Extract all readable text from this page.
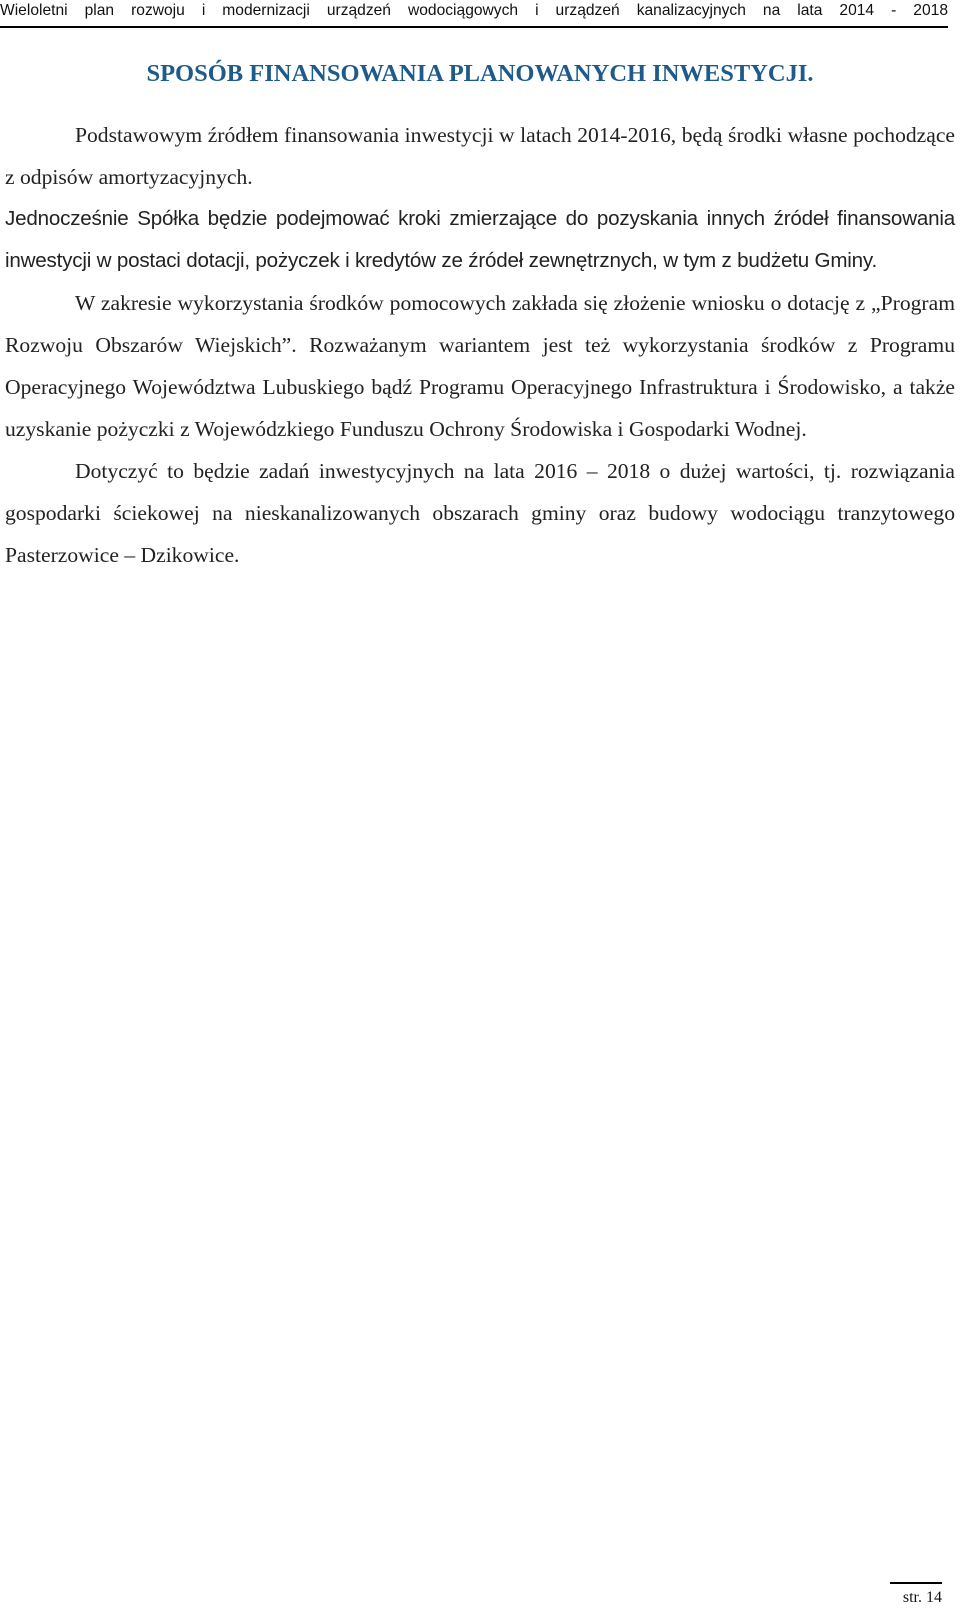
Wieloletni plan rozwoju i modernizacji urządzeń wodociągowych i urządzeń kanalizacyjnych na lata 2014 - 2018
SPOSÓB FINANSOWANIA PLANOWANYCH INWESTYCJI.

Podstawowym źródłem finansowania inwestycji w latach 2014-2016, będą środki własne pochodzące z odpisów amortyzacyjnych.

Jednocześnie Spółka będzie podejmować kroki zmierzające do pozyskania innych źródeł finansowania inwestycji w postaci dotacji, pożyczek i kredytów ze źródeł zewnętrznych, w tym z budżetu Gminy.

W zakresie wykorzystania środków pomocowych zakłada się złożenie wniosku o dotację z „Program Rozwoju Obszarów Wiejskich”. Rozważanym wariantem jest też wykorzystania środków z Programu Operacyjnego Województwa Lubuskiego bądź Programu Operacyjnego Infrastruktura i Środowisko, a także uzyskanie pożyczki z Wojewódzkiego Funduszu Ochrony Środowiska i Gospodarki Wodnej.

Dotyczyć to będzie zadań inwestycyjnych na lata 2016 – 2018 o dużej wartości, tj. rozwiązania gospodarki ściekowej na nieskanalizowanych obszarach gminy oraz budowy wodociągu tranzytowego Pasterzowice – Dzikowice.

str. 14
